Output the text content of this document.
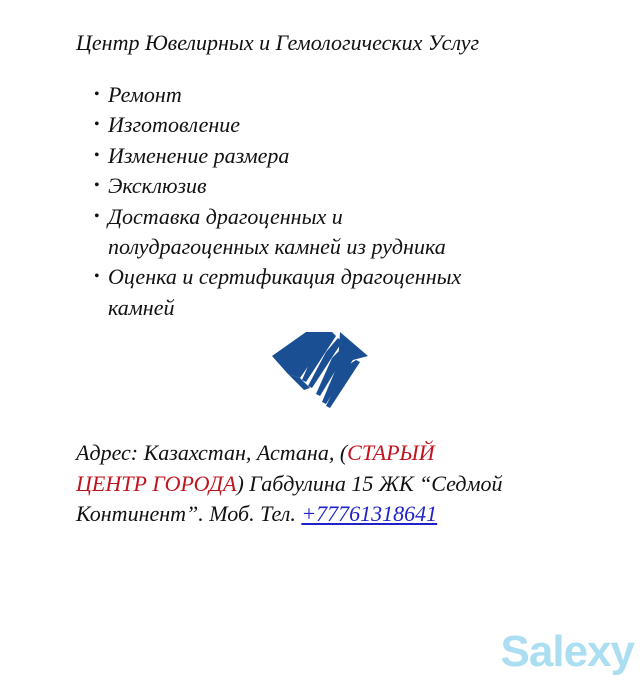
Центр Ювелирных и Гемологических Услуг
• Ремонт
• Изготовление
• Изменение размера
• Эксклюзив
• Доставка драгоценных и
полудрагоценных камней из рудника
• Оценка и сертификация драгоценных
камней
Адрес: Казахстан, Астана, (СТАРЫЙ
ЦЕНТР ГОРОДА) Габдулина 15 ЖК “Седмой
Континент”. Моб. Тел. +77761318641
Salexy
